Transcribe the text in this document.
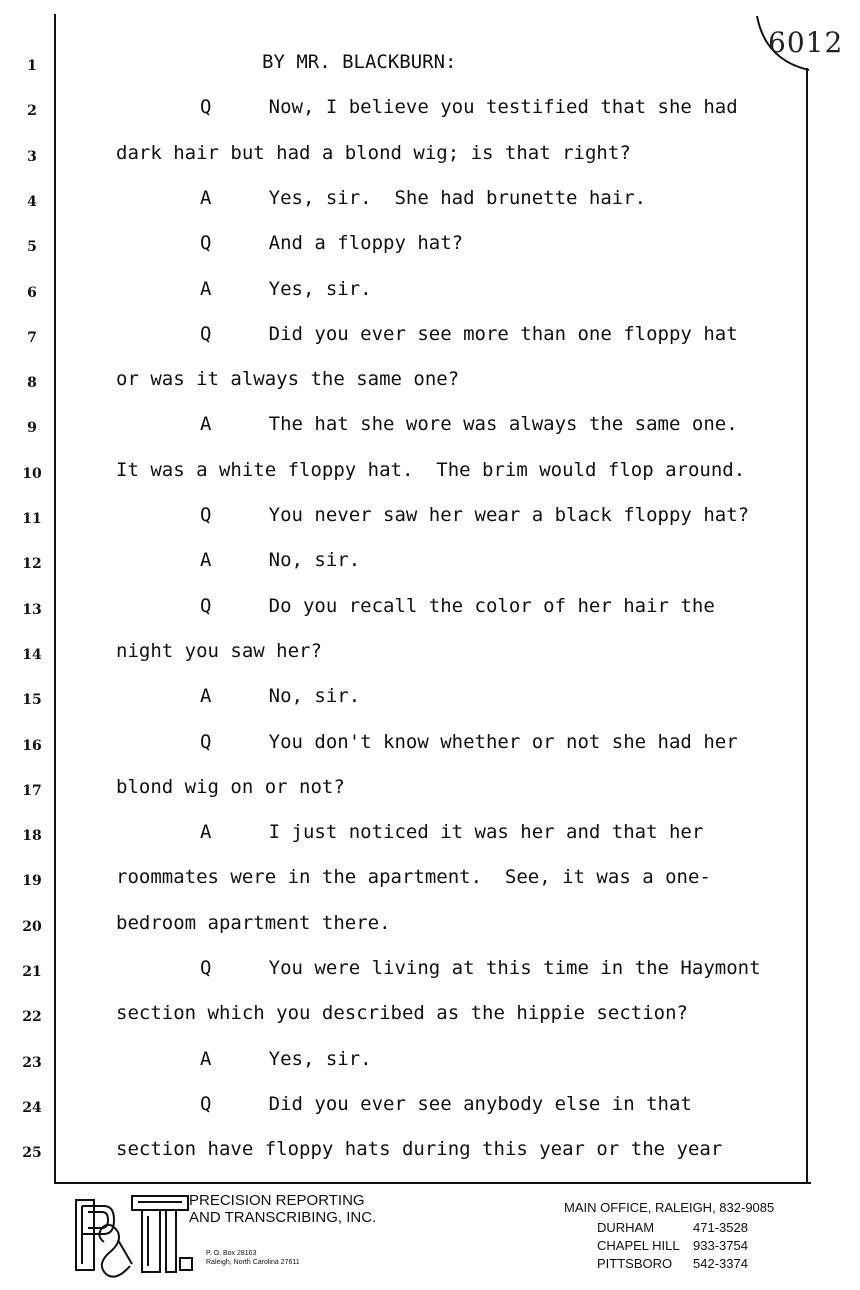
6012
1	BY MR. BLACKBURN:
2	Q     Now, I believe you testified that she had
3	dark hair but had a blond wig; is that right?
4	A     Yes, sir.  She had brunette hair.
5	Q     And a floppy hat?
6	A     Yes, sir.
7	Q     Did you ever see more than one floppy hat
8	or was it always the same one?
9	A     The hat she wore was always the same one.
10	It was a white floppy hat.  The brim would flop around.
11	Q     You never saw her wear a black floppy hat?
12	A     No, sir.
13	Q     Do you recall the color of her hair the
14	night you saw her?
15	A     No, sir.
16	Q     You don't know whether or not she had her
17	blond wig on or not?
18	A     I just noticed it was her and that her
19	roommates were in the apartment.  See, it was a one-
20	bedroom apartment there.
21	Q     You were living at this time in the Haymont
22	section which you described as the hippie section?
23	A     Yes, sir.
24	Q     Did you ever see anybody else in that
25	section have floppy hats during this year or the year
PRECISION REPORTING
AND TRANSCRIBING, INC.
P. O. Box 28163
Raleigh, North Carolina 27611
MAIN OFFICE, RALEIGH, 832-9085
DURHAM	471-3528
CHAPEL HILL 933-3754
PITTSBORO 542-3374
